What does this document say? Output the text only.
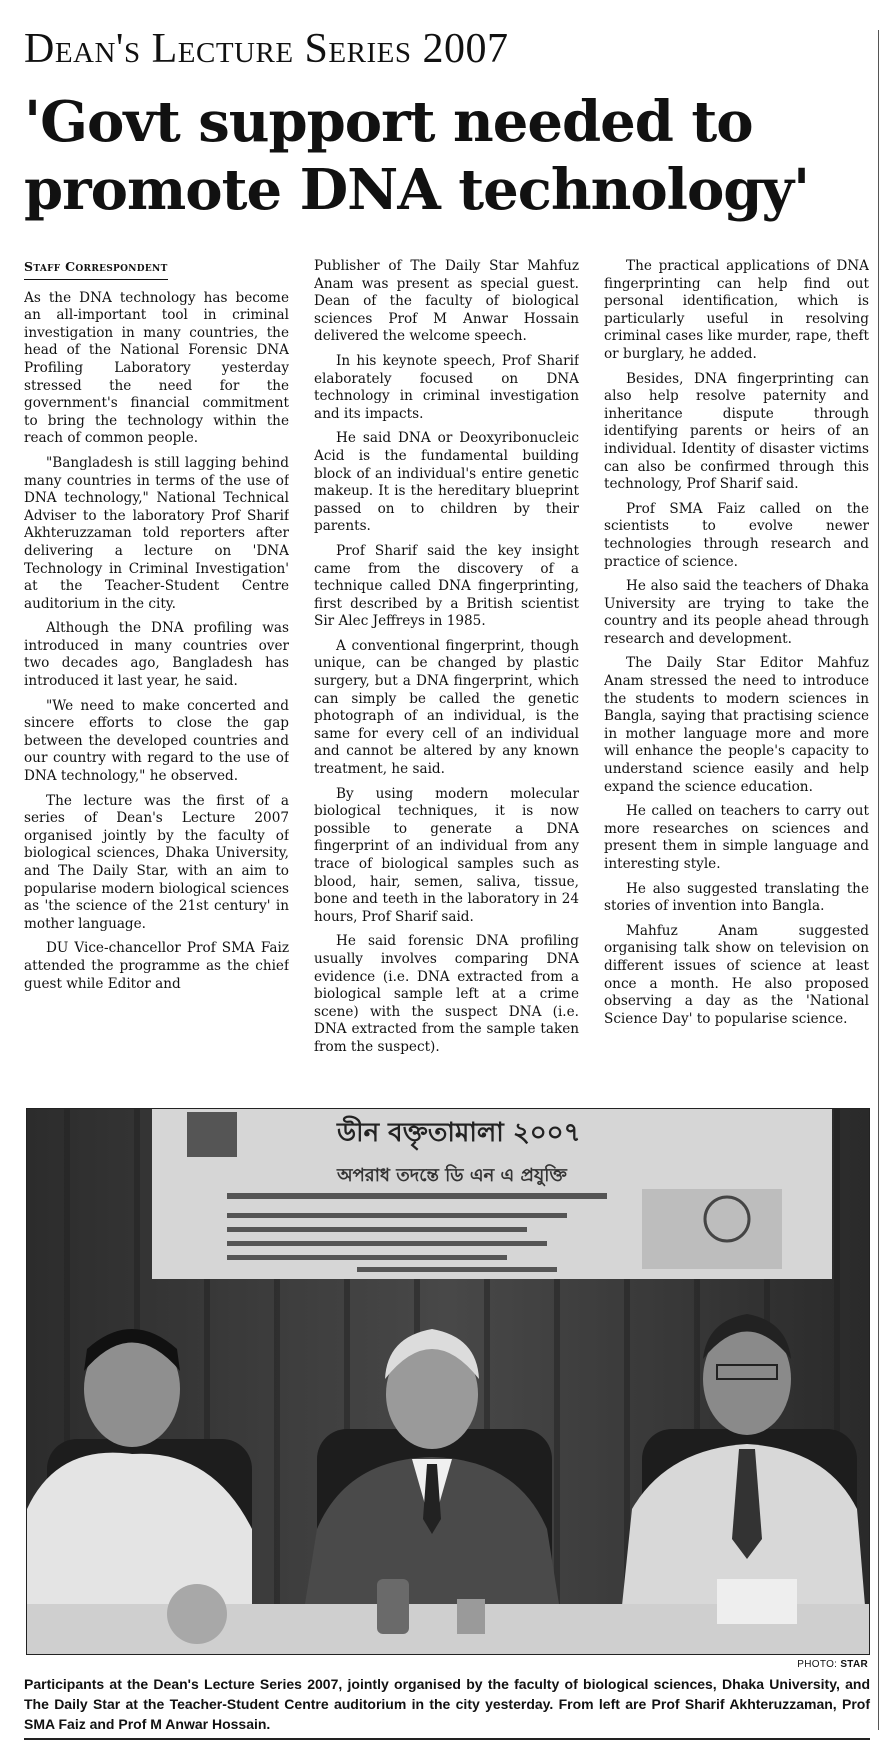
Dean's Lecture Series 2007
'Govt support needed to promote DNA technology'
Staff Correspondent

As the DNA technology has become an all-important tool in criminal investigation in many countries, the head of the National Forensic DNA Profiling Laboratory yesterday stressed the need for the government's financial commitment to bring the technology within the reach of common people.

"Bangladesh is still lagging behind many countries in terms of the use of DNA technology," National Technical Adviser to the laboratory Prof Sharif Akhteruzzaman told reporters after delivering a lecture on 'DNA Technology in Criminal Investigation' at the Teacher-Student Centre auditorium in the city.

Although the DNA profiling was introduced in many countries over two decades ago, Bangladesh has introduced it last year, he said.

"We need to make concerted and sincere efforts to close the gap between the developed countries and our country with regard to the use of DNA technology," he observed.

The lecture was the first of a series of Dean's Lecture 2007 organised jointly by the faculty of biological sciences, Dhaka University, and The Daily Star, with an aim to popularise modern biological sciences as 'the science of the 21st century' in mother language.

DU Vice-chancellor Prof SMA Faiz attended the programme as the chief guest while Editor and

Publisher of The Daily Star Mahfuz Anam was present as special guest. Dean of the faculty of biological sciences Prof M Anwar Hossain delivered the welcome speech.

In his keynote speech, Prof Sharif elaborately focused on DNA technology in criminal investigation and its impacts.

He said DNA or Deoxyribonucleic Acid is the fundamental building block of an individual's entire genetic makeup. It is the hereditary blueprint passed on to children by their parents.

Prof Sharif said the key insight came from the discovery of a technique called DNA fingerprinting, first described by a British scientist Sir Alec Jeffreys in 1985.

A conventional fingerprint, though unique, can be changed by plastic surgery, but a DNA fingerprint, which can simply be called the genetic photograph of an individual, is the same for every cell of an individual and cannot be altered by any known treatment, he said.

By using modern molecular biological techniques, it is now possible to generate a DNA fingerprint of an individual from any trace of biological samples such as blood, hair, semen, saliva, tissue, bone and teeth in the laboratory in 24 hours, Prof Sharif said.

He said forensic DNA profiling usually involves comparing DNA evidence (i.e. DNA extracted from a biological sample left at a crime scene) with the suspect DNA (i.e. DNA extracted from the sample taken from the suspect).

The practical applications of DNA fingerprinting can help find out personal identification, which is particularly useful in resolving criminal cases like murder, rape, theft or burglary, he added.

Besides, DNA fingerprinting can also help resolve paternity and inheritance dispute through identifying parents or heirs of an individual. Identity of disaster victims can also be confirmed through this technology, Prof Sharif said.

Prof SMA Faiz called on the scientists to evolve newer technologies through research and practice of science.

He also said the teachers of Dhaka University are trying to take the country and its people ahead through research and development.

The Daily Star Editor Mahfuz Anam stressed the need to introduce the students to modern sciences in Bangla, saying that practising science in mother language more and more will enhance the people's capacity to understand science easily and help expand the science education.

He called on teachers to carry out more researches on sciences and present them in simple language and interesting style.

He also suggested translating the stories of invention into Bangla.

Mahfuz Anam suggested organising talk show on television on different issues of science at least once a month. He also proposed observing a day as the 'National Science Day' to popularise science.

ডীন বক্তৃতামালা ২০০৭
অপরাধ তদন্তে ডি এন এ প্রযুক্তি
PHOTO: STAR
Participants at the Dean's Lecture Series 2007, jointly organised by the faculty of biological sciences, Dhaka University, and The Daily Star at the Teacher-Student Centre auditorium in the city yesterday. From left are Prof Sharif Akhteruzzaman, Prof SMA Faiz and Prof M Anwar Hossain.
